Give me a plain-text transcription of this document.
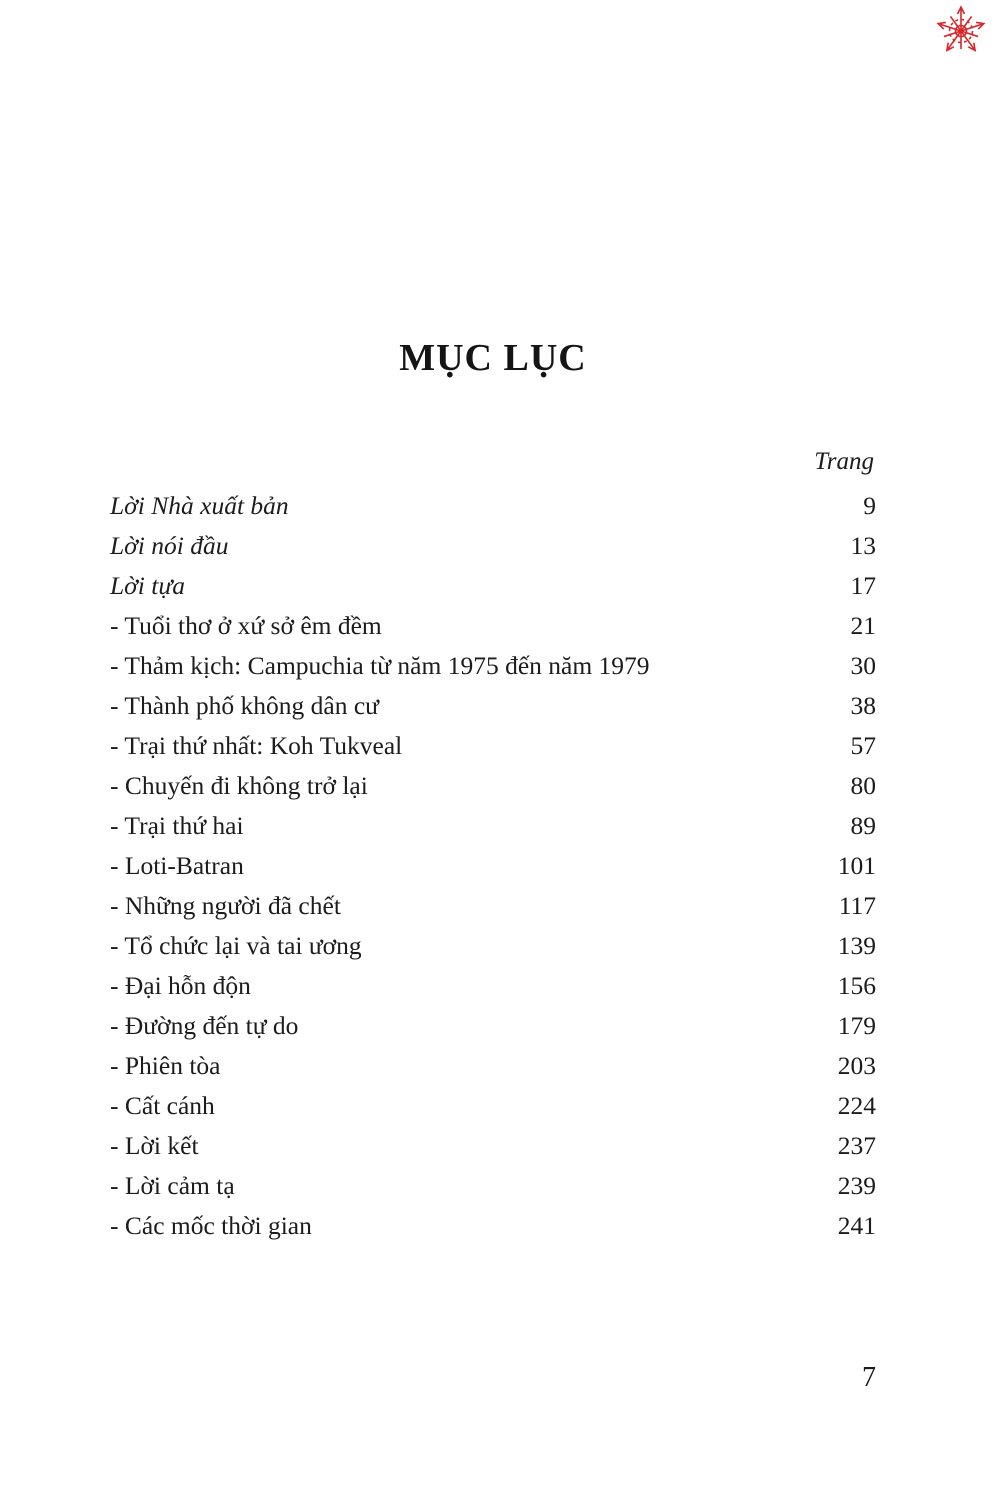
MỤC LỤC
Trang
Lời Nhà xuất bản	9
Lời nói đầu	13
Lời tựa	17
- Tuổi thơ ở xứ sở êm đềm	21
- Thảm kịch: Campuchia từ năm 1975 đến năm 1979	30
- Thành phố không dân cư	38
- Trại thứ nhất: Koh Tukveal	57
- Chuyến đi không trở lại	80
- Trại thứ hai	89
- Loti-Batran	101
- Những người đã chết	117
- Tổ chức lại và tai ương	139
- Đại hỗn độn	156
- Đường đến tự do	179
- Phiên tòa	203
- Cất cánh	224
- Lời kết	237
- Lời cảm tạ	239
- Các mốc thời gian	241
7
